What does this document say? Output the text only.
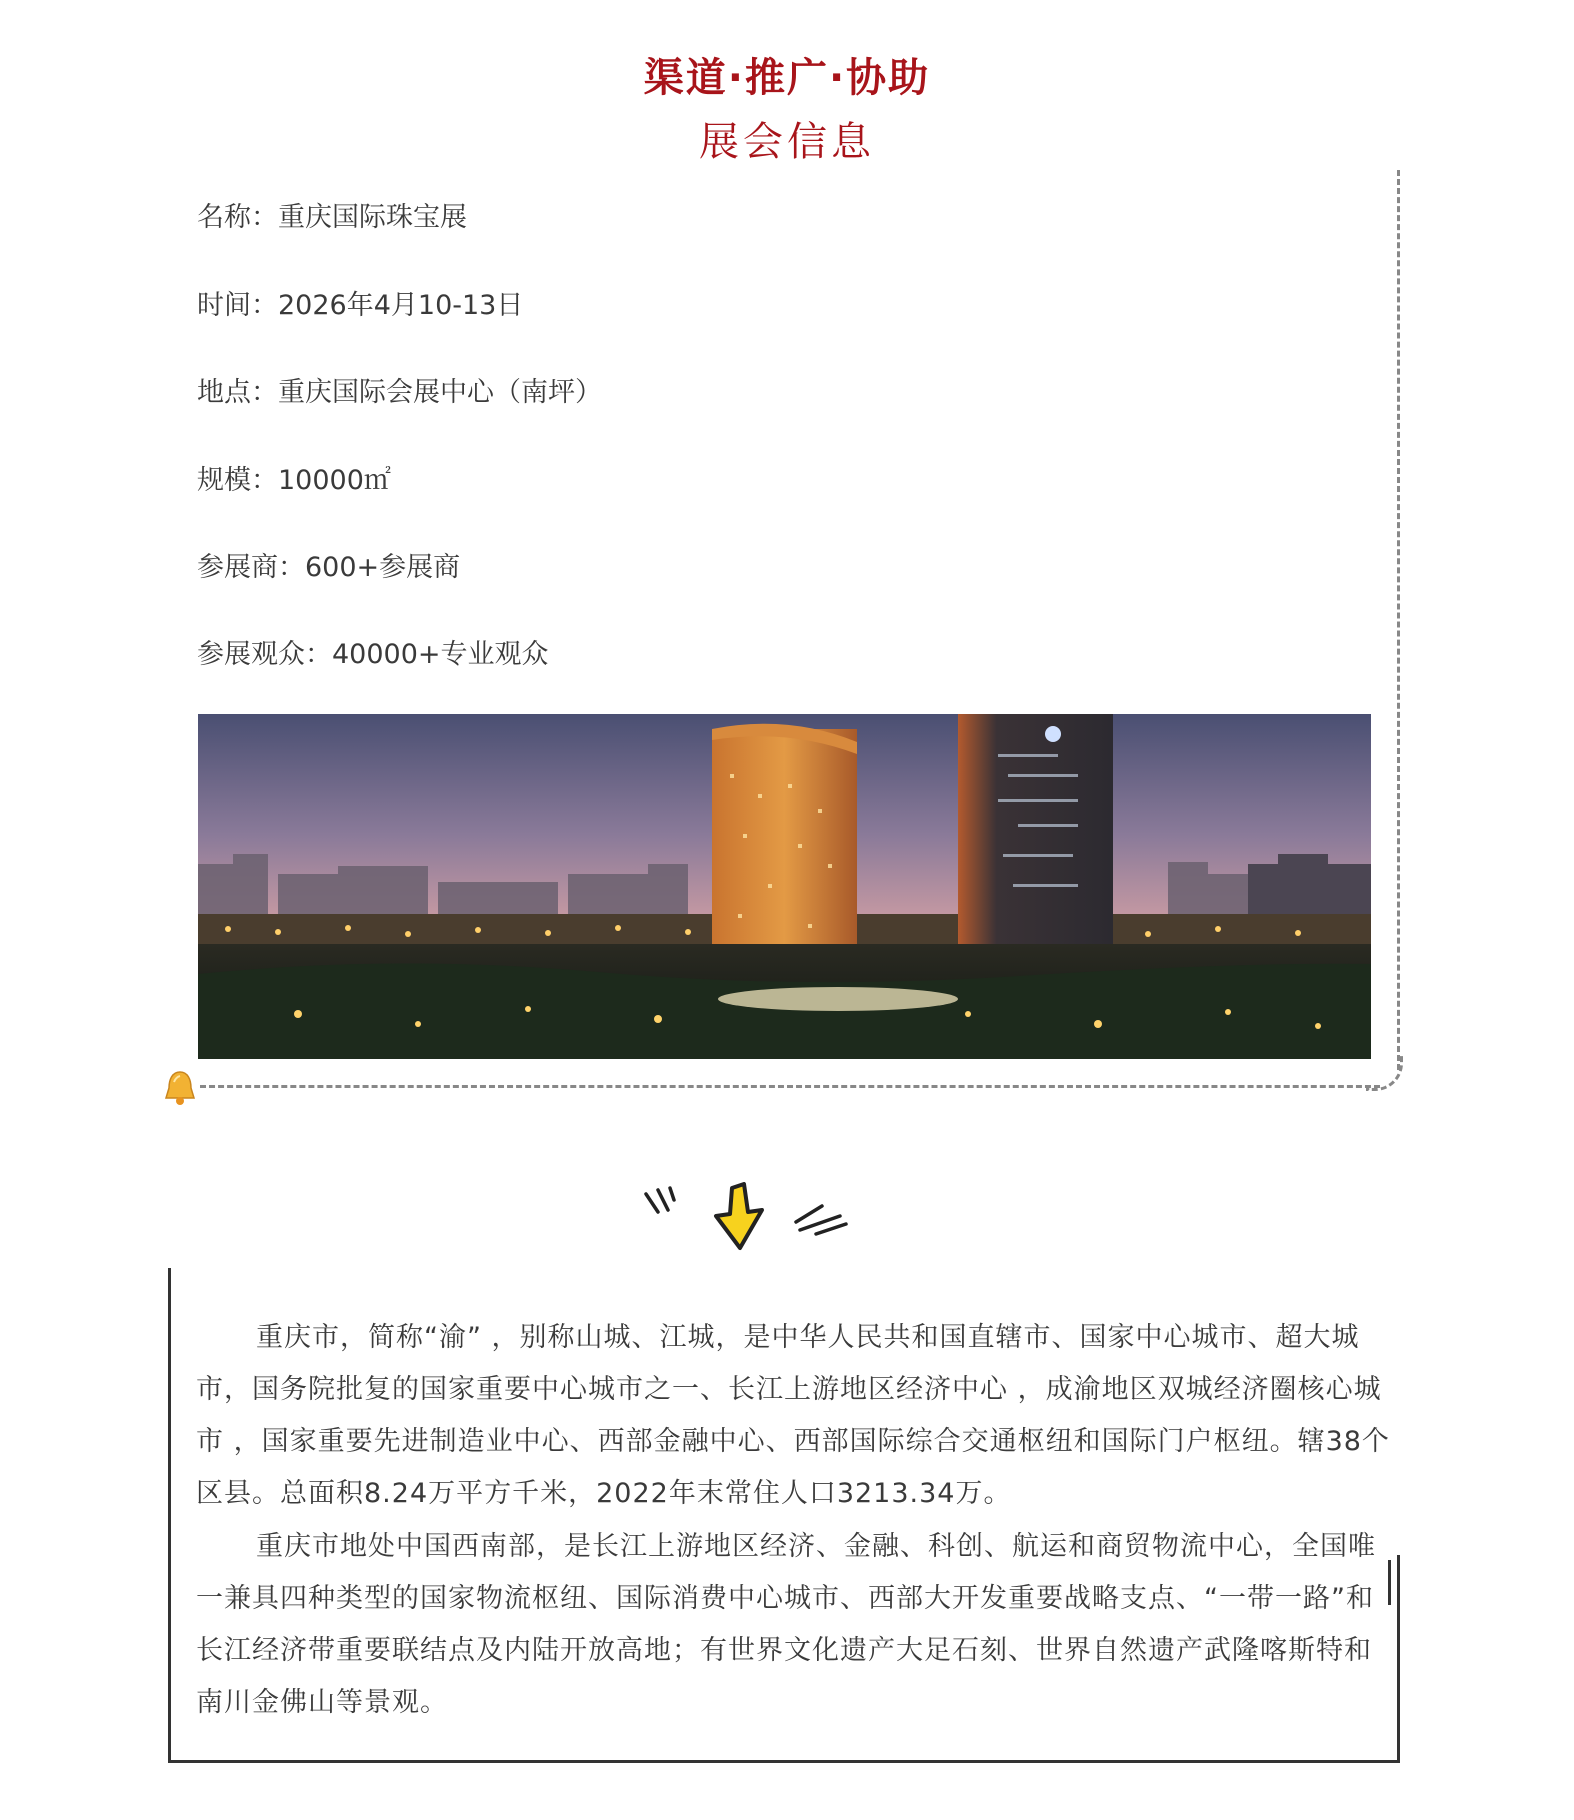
渠道·推广·协助
展会信息
名称：重庆国际珠宝展
时间：2026年4月10-13日
地点：重庆国际会展中心（南坪）
规模：10000㎡
参展商：600+参展商
参展观众：40000+专业观众

重庆市，简称“渝” ，别称山城、江城，是中华人民共和国直辖市、国家中心城市、超大城市，国务院批复的国家重要中心城市之一、长江上游地区经济中心 ，成渝地区双城经济圈核心城市 ，国家重要先进制造业中心、西部金融中心、西部国际综合交通枢纽和国际门户枢纽。辖38个区县。总面积8.24万平方千米，2022年末常住人口3213.34万。

重庆市地处中国西南部，是长江上游地区经济、金融、科创、航运和商贸物流中心，全国唯一兼具四种类型的国家物流枢纽、国际消费中心城市、西部大开发重要战略支点、“一带一路”和长江经济带重要联结点及内陆开放高地；有世界文化遗产大足石刻、世界自然遗产武隆喀斯特和南川金佛山等景观。
